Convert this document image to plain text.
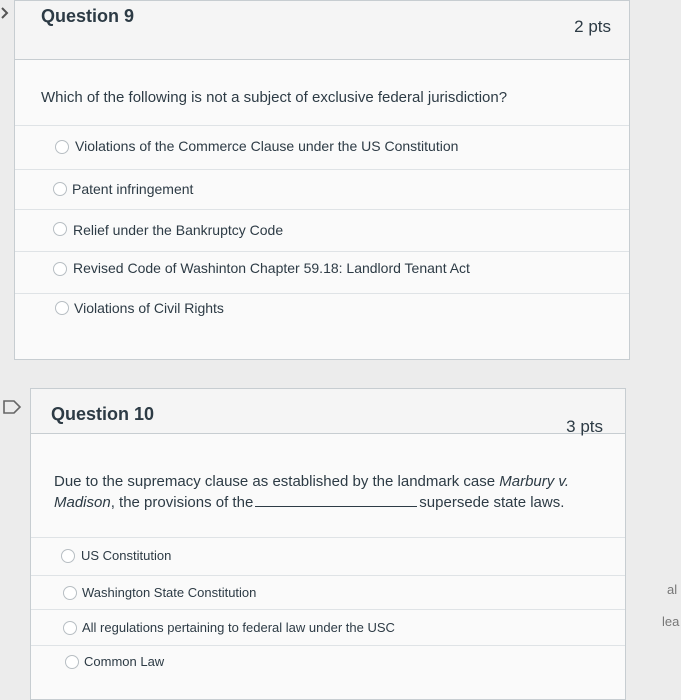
Question 9
2 pts
Which of the following is not a subject of exclusive federal jurisdiction?
Violations of the Commerce Clause under the US Constitution
Patent infringement
Relief under the Bankruptcy Code
Revised Code of Washinton Chapter 59.18: Landlord Tenant Act
Violations of Civil Rights
Question 10
3 pts
Due to the supremacy clause as established by the landmark case Marbury v. Madison, the provisions of the	supersede state laws.
US Constitution
Washington State Constitution
All regulations pertaining to federal law under the USC
Common Law
al
lea
